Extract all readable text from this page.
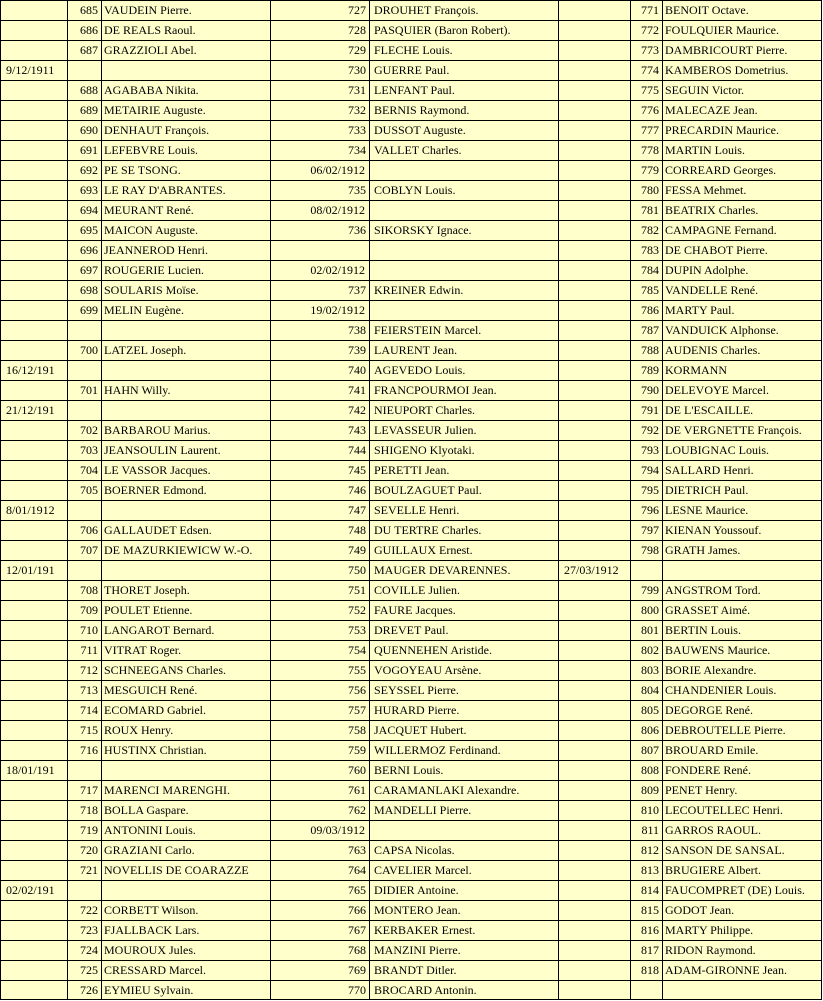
685 VAUDEIN Pierre.
686 DE REALS Raoul.
687 GRAZZIOLI Abel.
9/12/1911
688 AGABABA Nikita.
689 METAIRIE Auguste.
690 DENHAUT François.
691 LEFEBVRE Louis.
692 PE SE TSONG.
693 LE RAY D'ABRANTES.
694 MEURANT René.
695 MAICON Auguste.
696 JEANNEROD Henri.
697 ROUGERIE Lucien.
698 SOULARIS Moïse.
699 MELIN Eugène.
700 LATZEL Joseph.
16/12/191
701 HAHN Willy.
21/12/191
702 BARBAROU Marius.
703 JEANSOULIN Laurent.
704 LE VASSOR Jacques.
705 BOERNER Edmond.
8/01/1912
706 GALLAUDET Edsen.
707 DE MAZURKIEWICW W.-O.
12/01/191
708 THORET Joseph.
709 POULET Etienne.
710 LANGAROT Bernard.
711 VITRAT Roger.
712 SCHNEEGANS Charles.
713 MESGUICH René.
714 ECOMARD Gabriel.
715 ROUX Henry.
716 HUSTINX Christian.
18/01/191
717 MARENCI MARENGHI.
718 BOLLA Gaspare.
719 ANTONINI Louis.
720 GRAZIANI Carlo.
721 NOVELLIS DE COARAZZE
02/02/191
722 CORBETT Wilson.
723 FJALLBACK Lars.
724 MOUROUX Jules.
725 CRESSARD Marcel.
726 EYMIEU Sylvain.
727 DROUHET François.
728 PASQUIER (Baron Robert).
729 FLECHE Louis.
730 GUERRE Paul.
731 LENFANT Paul.
732 BERNIS Raymond.
733 DUSSOT Auguste.
734 VALLET Charles.
06/02/1912
735 COBLYN Louis.
08/02/1912
736 SIKORSKY Ignace.
02/02/1912
737 KREINER Edwin.
19/02/1912
738 FEIERSTEIN Marcel.
739 LAURENT Jean.
740 AGEVEDO Louis.
741 FRANCPOURMOI Jean.
742 NIEUPORT Charles.
743 LEVASSEUR Julien.
744 SHIGENO Klyotaki.
745 PERETTI Jean.
746 BOULZAGUET Paul.
747 SEVELLE Henri.
748 DU TERTRE Charles.
749 GUILLAUX Ernest.
750 MAUGER DEVARENNES.
751 COVILLE Julien.
752 FAURE Jacques.
753 DREVET Paul.
754 QUENNEHEN Aristide.
755 VOGOYEAU Arsène.
756 SEYSSEL Pierre.
757 HURARD Pierre.
758 JACQUET Hubert.
759 WILLERMOZ Ferdinand.
760 BERNI Louis.
761 CARAMANLAKI Alexandre.
762 MANDELLI Pierre.
09/03/1912
763 CAPSA Nicolas.
764 CAVELIER Marcel.
765 DIDIER Antoine.
766 MONTERO Jean.
767 KERBAKER Ernest.
768 MANZINI Pierre.
769 BRANDT Ditler.
770 BROCARD Antonin.
771 BENOIT Octave.
772 FOULQUIER Maurice.
773 DAMBRICOURT Pierre.
774 KAMBEROS Dometrius.
775 SEGUIN Victor.
776 MALECAZE Jean.
777 PRECARDIN Maurice.
778 MARTIN Louis.
779 CORREARD Georges.
780 FESSA Mehmet.
781 BEATRIX Charles.
782 CAMPAGNE Fernand.
783 DE CHABOT Pierre.
784 DUPIN Adolphe.
785 VANDELLE René.
786 MARTY Paul.
787 VANDUICK Alphonse.
788 AUDENIS Charles.
789 KORMANN
790 DELEVOYE Marcel.
791 DE L'ESCAILLE.
792 DE VERGNETTE François.
793 LOUBIGNAC Louis.
794 SALLARD Henri.
795 DIETRICH Paul.
796 LESNE Maurice.
797 KIENAN Youssouf.
798 GRATH James.
27/03/1912
799 ANGSTROM Tord.
800 GRASSET Aimé.
801 BERTIN Louis.
802 BAUWENS Maurice.
803 BORIE Alexandre.
804 CHANDENIER Louis.
805 DEGORGE René.
806 DEBROUTELLE Pierre.
807 BROUARD Emile.
808 FONDERE René.
809 PENET Henry.
810 LECOUTELLEC Henri.
811 GARROS RAOUL.
812 SANSON DE SANSAL.
813 BRUGIERE Albert.
814 FAUCOMPRET (DE) Louis.
815 GODOT Jean.
816 MARTY Philippe.
817 RIDON Raymond.
818 ADAM-GIRONNE Jean.
